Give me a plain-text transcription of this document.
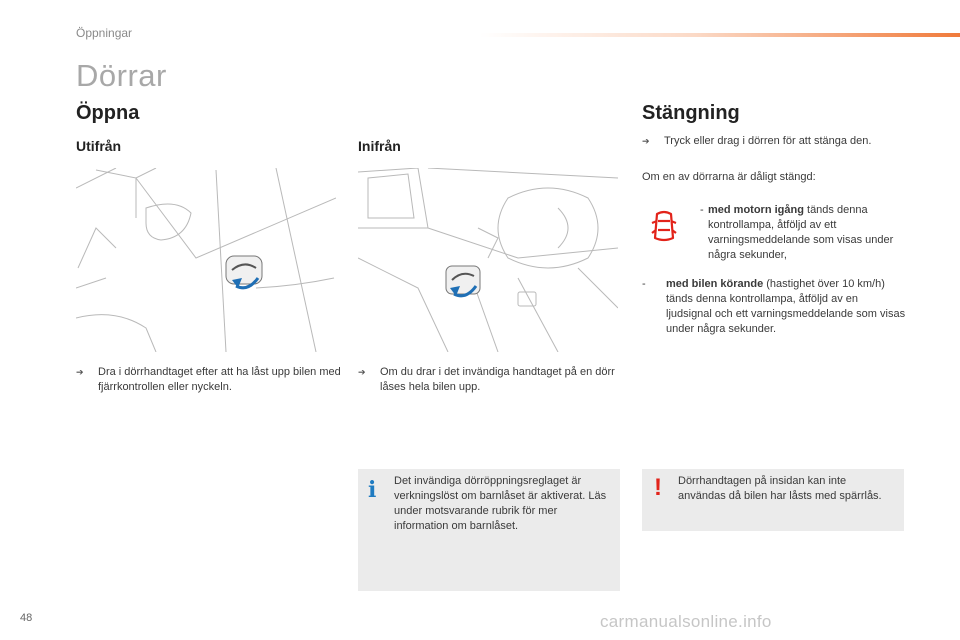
Öppningar
Dörrar
Öppna	Stängning
Utifrån	Inifrån
➔ Dra i dörrhandtaget efter att ha låst upp bilen med fjärrkontrollen eller nyckeln.
➔ Om du drar i det invändiga handtaget på en dörr låses hela bilen upp.
➔ Tryck eller drag i dörren för att stänga den.
Om en av dörrarna är dåligt stängd:
- med motorn igång tänds denna kontrollampa, åtföljd av ett varningsmeddelande som visas under några sekunder,
- med bilen körande (hastighet över 10 km/h) tänds denna kontrollampa, åtföljd av en ljudsignal och ett varningsmeddelande som visas under några sekunder.
i Det invändiga dörröppningsreglaget är verkningslöst om barnlåset är aktiverat. Läs under motsvarande rubrik för mer information om barnlåset.
! Dörrhandtagen på insidan kan inte användas då bilen har låsts med spärrlås.
48	carmanualsonline.info
